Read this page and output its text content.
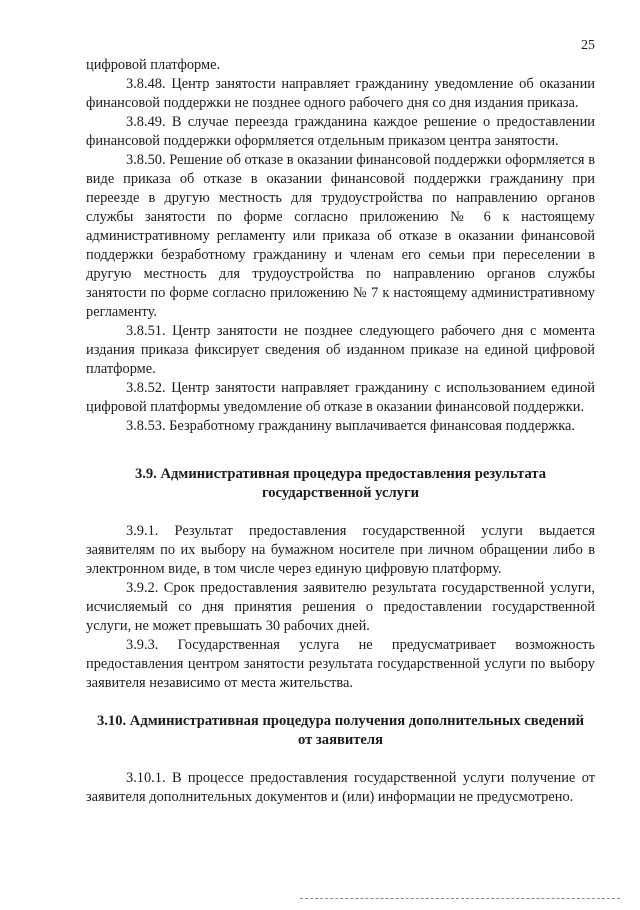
25

цифровой платформе.

3.8.48. Центр занятости направляет гражданину уведомление об оказании финансовой поддержки не позднее одного рабочего дня со дня издания приказа.

3.8.49. В случае переезда гражданина каждое решение о предоставлении финансовой поддержки оформляется отдельным приказом центра занятости.

3.8.50. Решение об отказе в оказании финансовой поддержки оформляется в виде приказа об отказе в оказании финансовой поддержки гражданину при переезде в другую местность для трудоустройства по направлению органов службы занятости по форме согласно приложению № 6 к настоящему административному регламенту или приказа об отказе в оказании финансовой поддержки безработному гражданину и членам его семьи при переселении в другую местность для трудоустройства по направлению органов службы занятости по форме согласно приложению № 7 к настоящему административному регламенту.

3.8.51. Центр занятости не позднее следующего рабочего дня с момента издания приказа фиксирует сведения об изданном приказе на единой цифровой платформе.

3.8.52. Центр занятости направляет гражданину с использованием единой цифровой платформы уведомление об отказе в оказании финансовой поддержки.

3.8.53. Безработному гражданину выплачивается финансовая поддержка.

3.9. Административная процедура предоставления результата
государственной услуги

3.9.1. Результат предоставления государственной услуги выдается заявителям по их выбору на бумажном носителе при личном обращении либо в электронном виде, в том числе через единую цифровую платформу.

3.9.2. Срок предоставления заявителю результата государственной услуги, исчисляемый со дня принятия решения о предоставлении государственной услуги, не может превышать 30 рабочих дней.

3.9.3. Государственная услуга не предусматривает возможность предоставления центром занятости результата государственной услуги по выбору заявителя независимо от места жительства.

3.10. Административная процедура получения дополнительных сведений
от заявителя

3.10.1. В процессе предоставления государственной услуги получение от заявителя дополнительных документов и (или) информации не предусмотрено.
